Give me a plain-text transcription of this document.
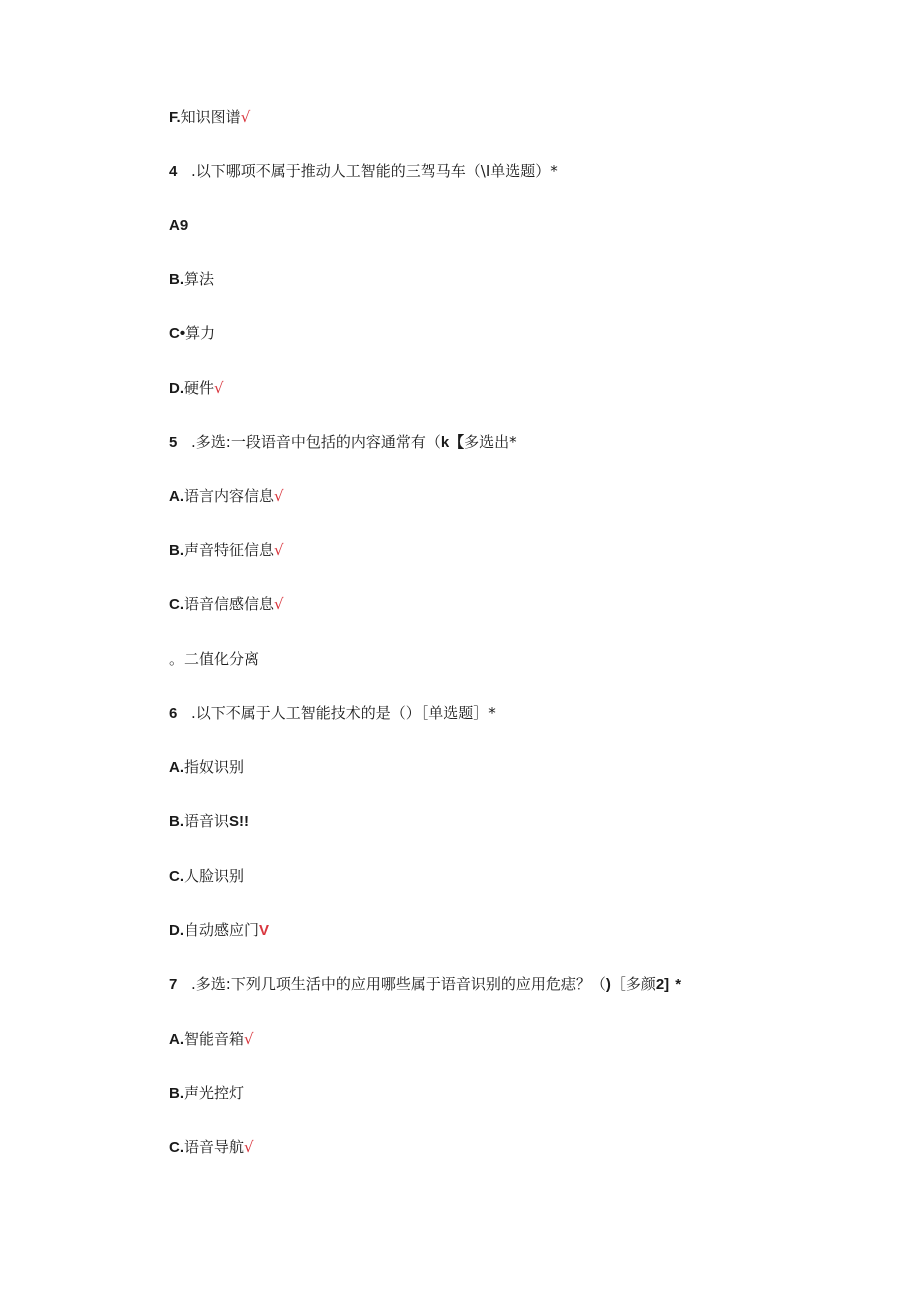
F.知识图谱√
4 .以下哪项不属于推动人工智能的三驾马车（\I单选题）*
A9
B.算法
C•算力
D.硬件√
5 .多选:一段语音中包括的内容通常有（k【多选出*
A.语言内容信息√
B.声音特征信息√
C.语音信感信息√
。二值化分离
6 .以下不属于人工智能技术的是（）［单选题］*
A.指奴识别
B.语音识S!!
C.人脸识别
D.自动感应门V
7 .多选:下列几项生活中的应用哪些属于语音识别的应用危痣？（)［多颜2] *
A.智能音箱√
B.声光控灯
C.语音导航√
